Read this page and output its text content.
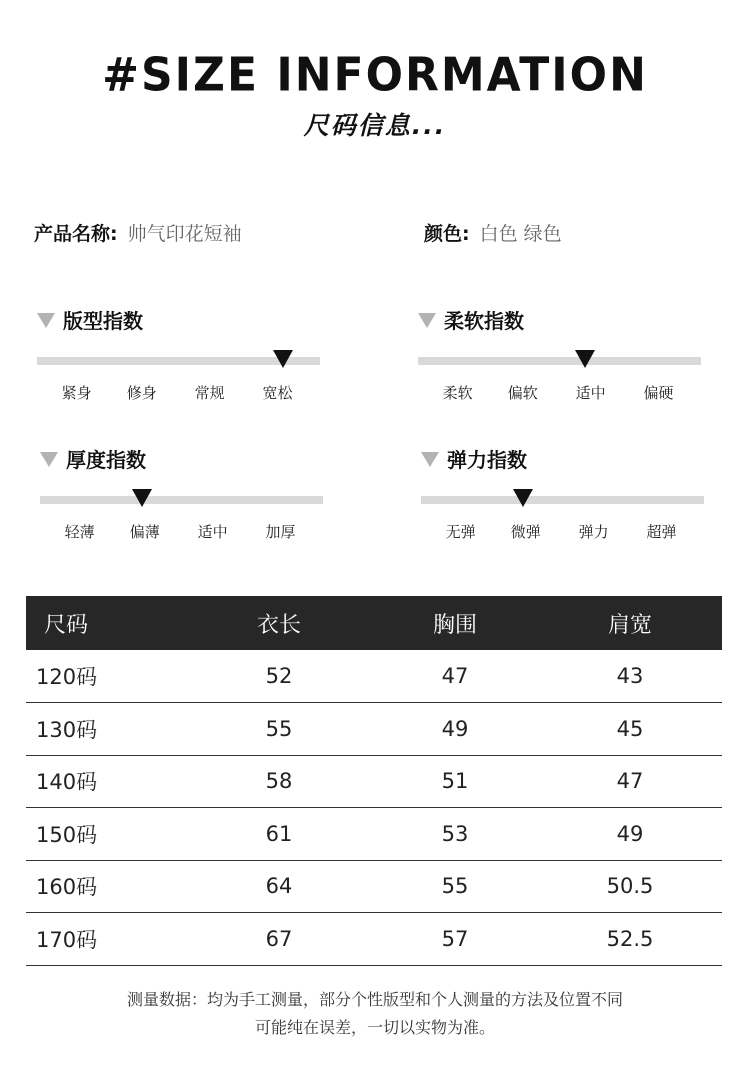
#SIZE INFORMATION
尺码信息...
产品名称: 帅气印花短袖	颜色: 白色 绿色
版型指数
紧身 修身	常规	宽松
柔软指数
柔软 偏软	适中	偏硬
厚度指数
轻薄 偏薄	适中	加厚
弹力指数
无弹 微弹	弹力	超弹
尺码	衣长	胸围	肩宽
120码	52	47	43
130码	55	49	45
140码	58	51	47
150码	61	53	49
160码	64	55	50.5
170码	67	57	52.5
测量数据：均为手工测量，部分个性版型和个人测量的方法及位置不同
可能纯在误差，一切以实物为准。
